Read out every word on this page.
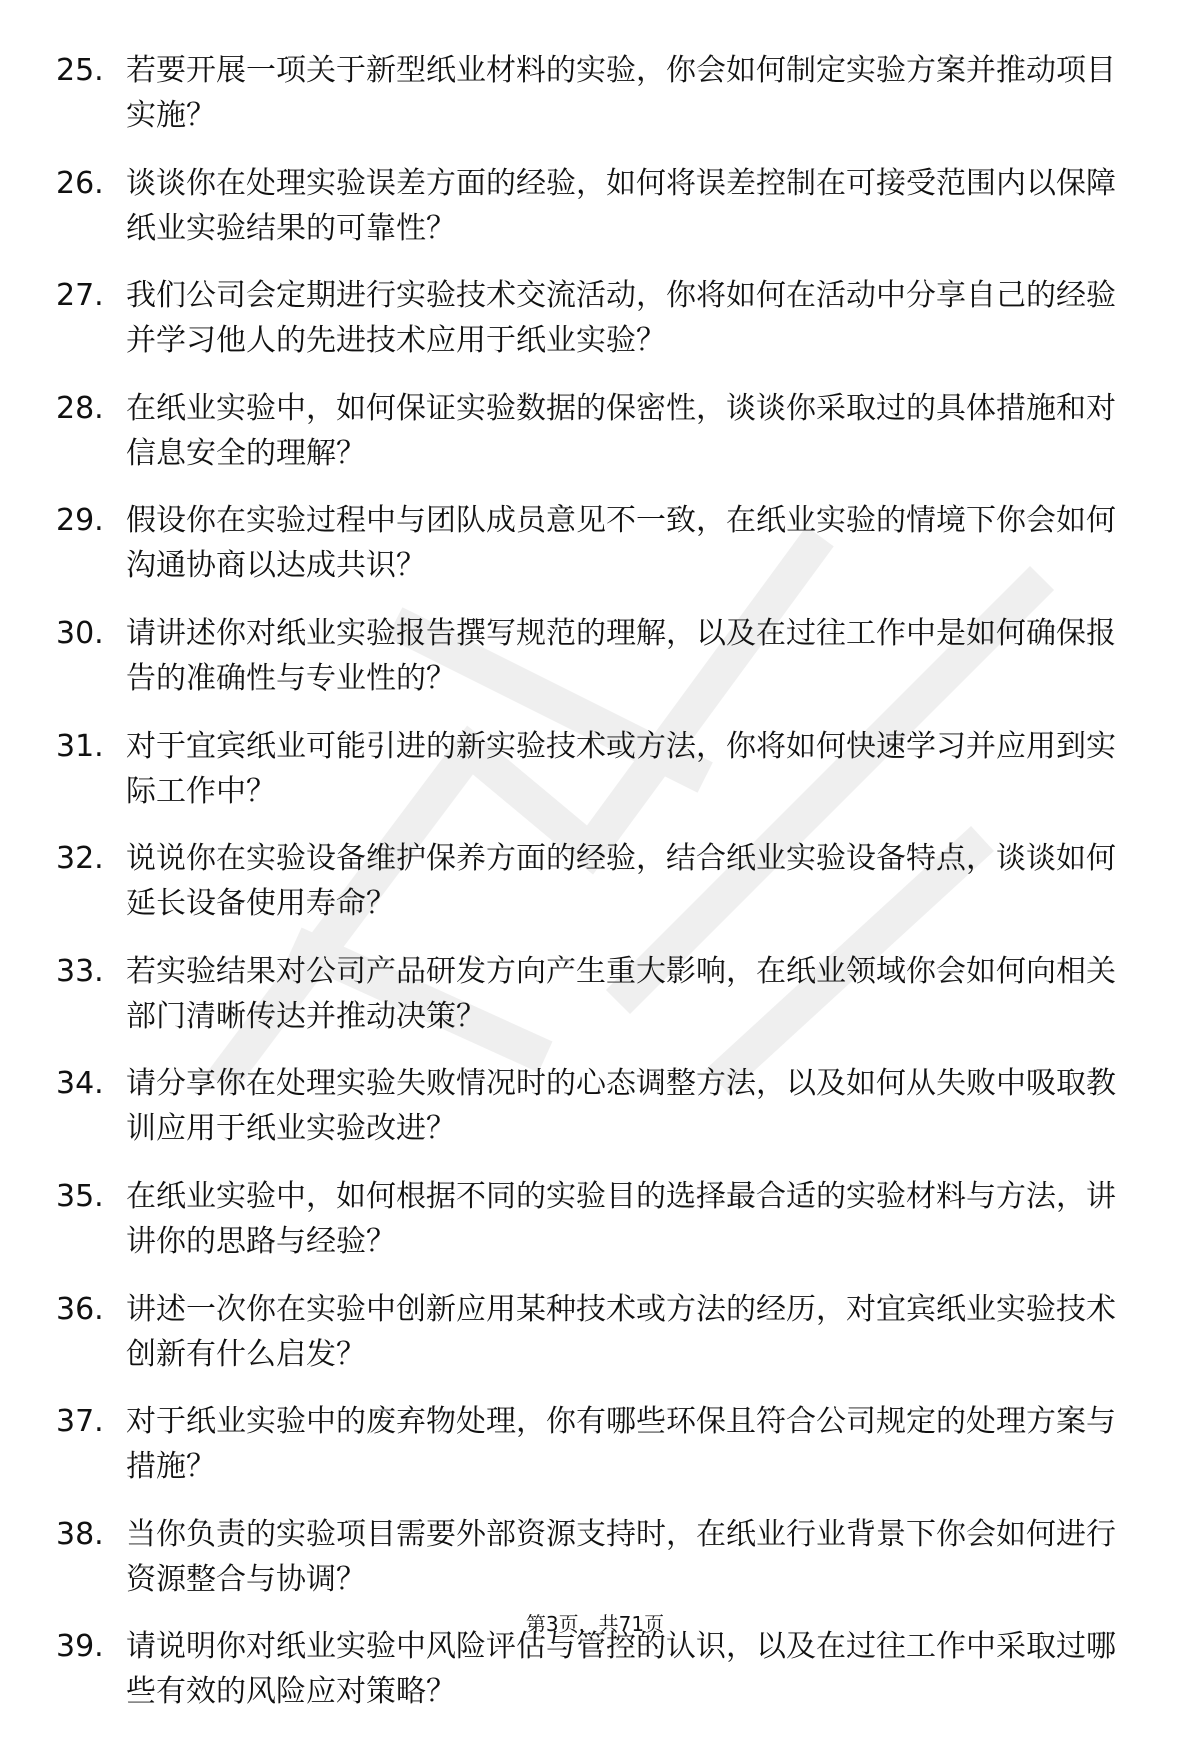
25. 若要开展一项关于新型纸业材料的实验，你会如何制定实验方案并推动项目实施？
26. 谈谈你在处理实验误差方面的经验，如何将误差控制在可接受范围内以保障纸业实验结果的可靠性？
27. 我们公司会定期进行实验技术交流活动，你将如何在活动中分享自己的经验并学习他人的先进技术应用于纸业实验？
28. 在纸业实验中，如何保证实验数据的保密性，谈谈你采取过的具体措施和对信息安全的理解？
29. 假设你在实验过程中与团队成员意见不一致，在纸业实验的情境下你会如何沟通协商以达成共识？
30. 请讲述你对纸业实验报告撰写规范的理解，以及在过往工作中是如何确保报告的准确性与专业性的？
31. 对于宜宾纸业可能引进的新实验技术或方法，你将如何快速学习并应用到实际工作中？
32. 说说你在实验设备维护保养方面的经验，结合纸业实验设备特点，谈谈如何延长设备使用寿命？
33. 若实验结果对公司产品研发方向产生重大影响，在纸业领域你会如何向相关部门清晰传达并推动决策？
34. 请分享你在处理实验失败情况时的心态调整方法，以及如何从失败中吸取教训应用于纸业实验改进？
35. 在纸业实验中，如何根据不同的实验目的选择最合适的实验材料与方法，讲讲你的思路与经验？
36. 讲述一次你在实验中创新应用某种技术或方法的经历，对宜宾纸业实验技术创新有什么启发？
37. 对于纸业实验中的废弃物处理，你有哪些环保且符合公司规定的处理方案与措施？
38. 当你负责的实验项目需要外部资源支持时，在纸业行业背景下你会如何进行资源整合与协调？
39. 请说明你对纸业实验中风险评估与管控的认识，以及在过往工作中采取过哪些有效的风险应对策略？
第3页，共71页
